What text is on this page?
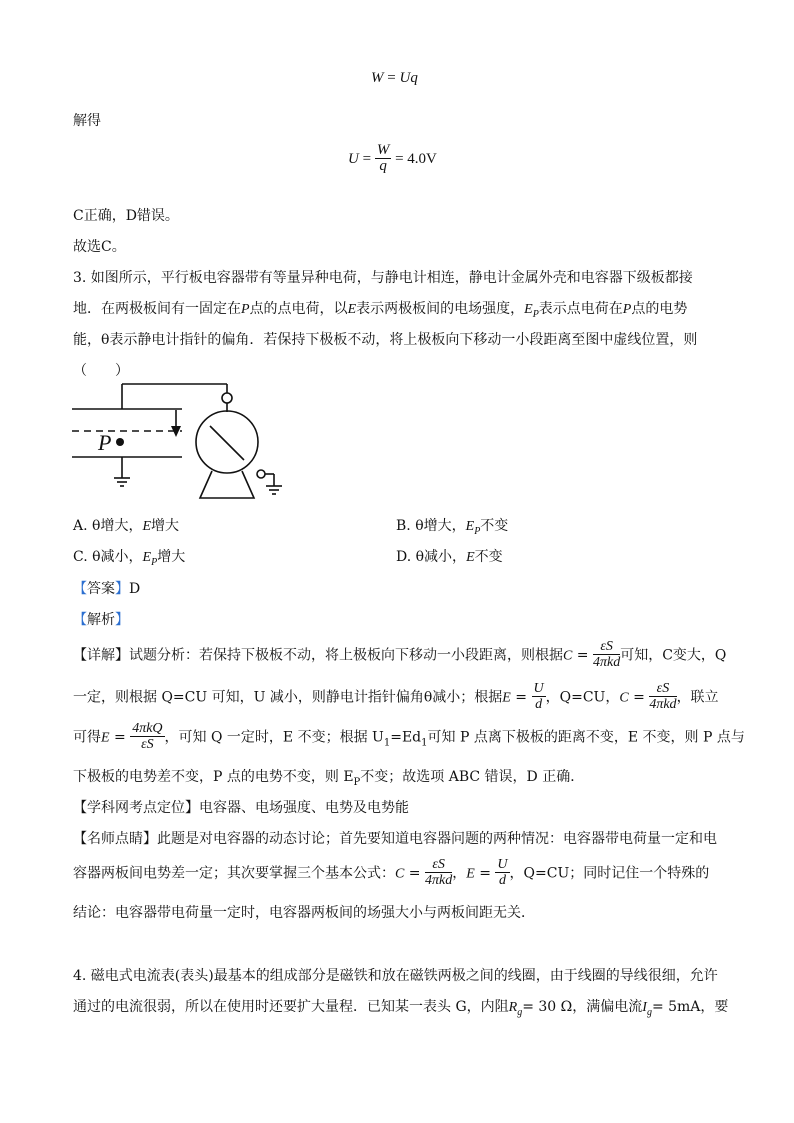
W = Uq
解得
$U = \frac{W}{q} = 4.0V$
C正确，D错误。
故选C。
3. 如图所示，平行板电容器带有等量异种电荷，与静电计相连，静电计金属外壳和电容器下级板都接
地．在两极板间有一固定在P点的点电荷，以E表示两极板间的电场强度，$E_P$表示点电荷在P点的电势
能，θ表示静电计指针的偏角．若保持下极板不动，将上极板向下移动一小段距离至图中虚线位置，则
（　　）
P
A. θ增大，E增大	B. θ增大，$E_P$不变
C. θ减小，$E_P$增大	D. θ减小，E不变
【答案】D
【解析】
【详解】试题分析：若保持下极板不动，将上极板向下移动一小段距离，则根据$C = \frac{\varepsilon S}{\text{4πkd}}$ 可知，C变大，Q
一定，则根据 Q=CU 可知，U 减小，则静电计指针偏角θ减小；根据$E = \frac{U}{d}$ ，Q=CU，$C = \frac{\varepsilon S}{\text{4πkd}}$ ，联立
可得$E = \frac{\text{4πkQ}}{\varepsilon S}$ ，可知 Q 一定时，E 不变；根据 $U_1=Ed_1$可知 P 点离下极板的距离不变，E 不变，则 P 点与
下极板的电势差不变，P 点的电势不变，则 $E_P$不变；故选项 ABC 错误，D 正确．
【学科网考点定位】电容器、电场强度、电势及电势能
【名师点睛】此题是对电容器的动态讨论；首先要知道电容器问题的两种情况：电容器带电荷量一定和电
容器两板间电势差一定；其次要掌握三个基本公式：$C = \frac{\varepsilon S}{\text{4πkd}}$ ，$E = \frac{U}{d}$ ，Q=CU；同时记住一个特殊的
结论：电容器带电荷量一定时，电容器两板间的场强大小与两板间距无关．
4. 磁电式电流表(表头)最基本的组成部分是磁铁和放在磁铁两极之间的线圈，由于线圈的导线很细，允许
通过的电流很弱，所以在使用时还要扩大量程．已知某一表头 G，内阻$R_g= 30$ Ω，满偏电流$I_g= 5mA$，要
